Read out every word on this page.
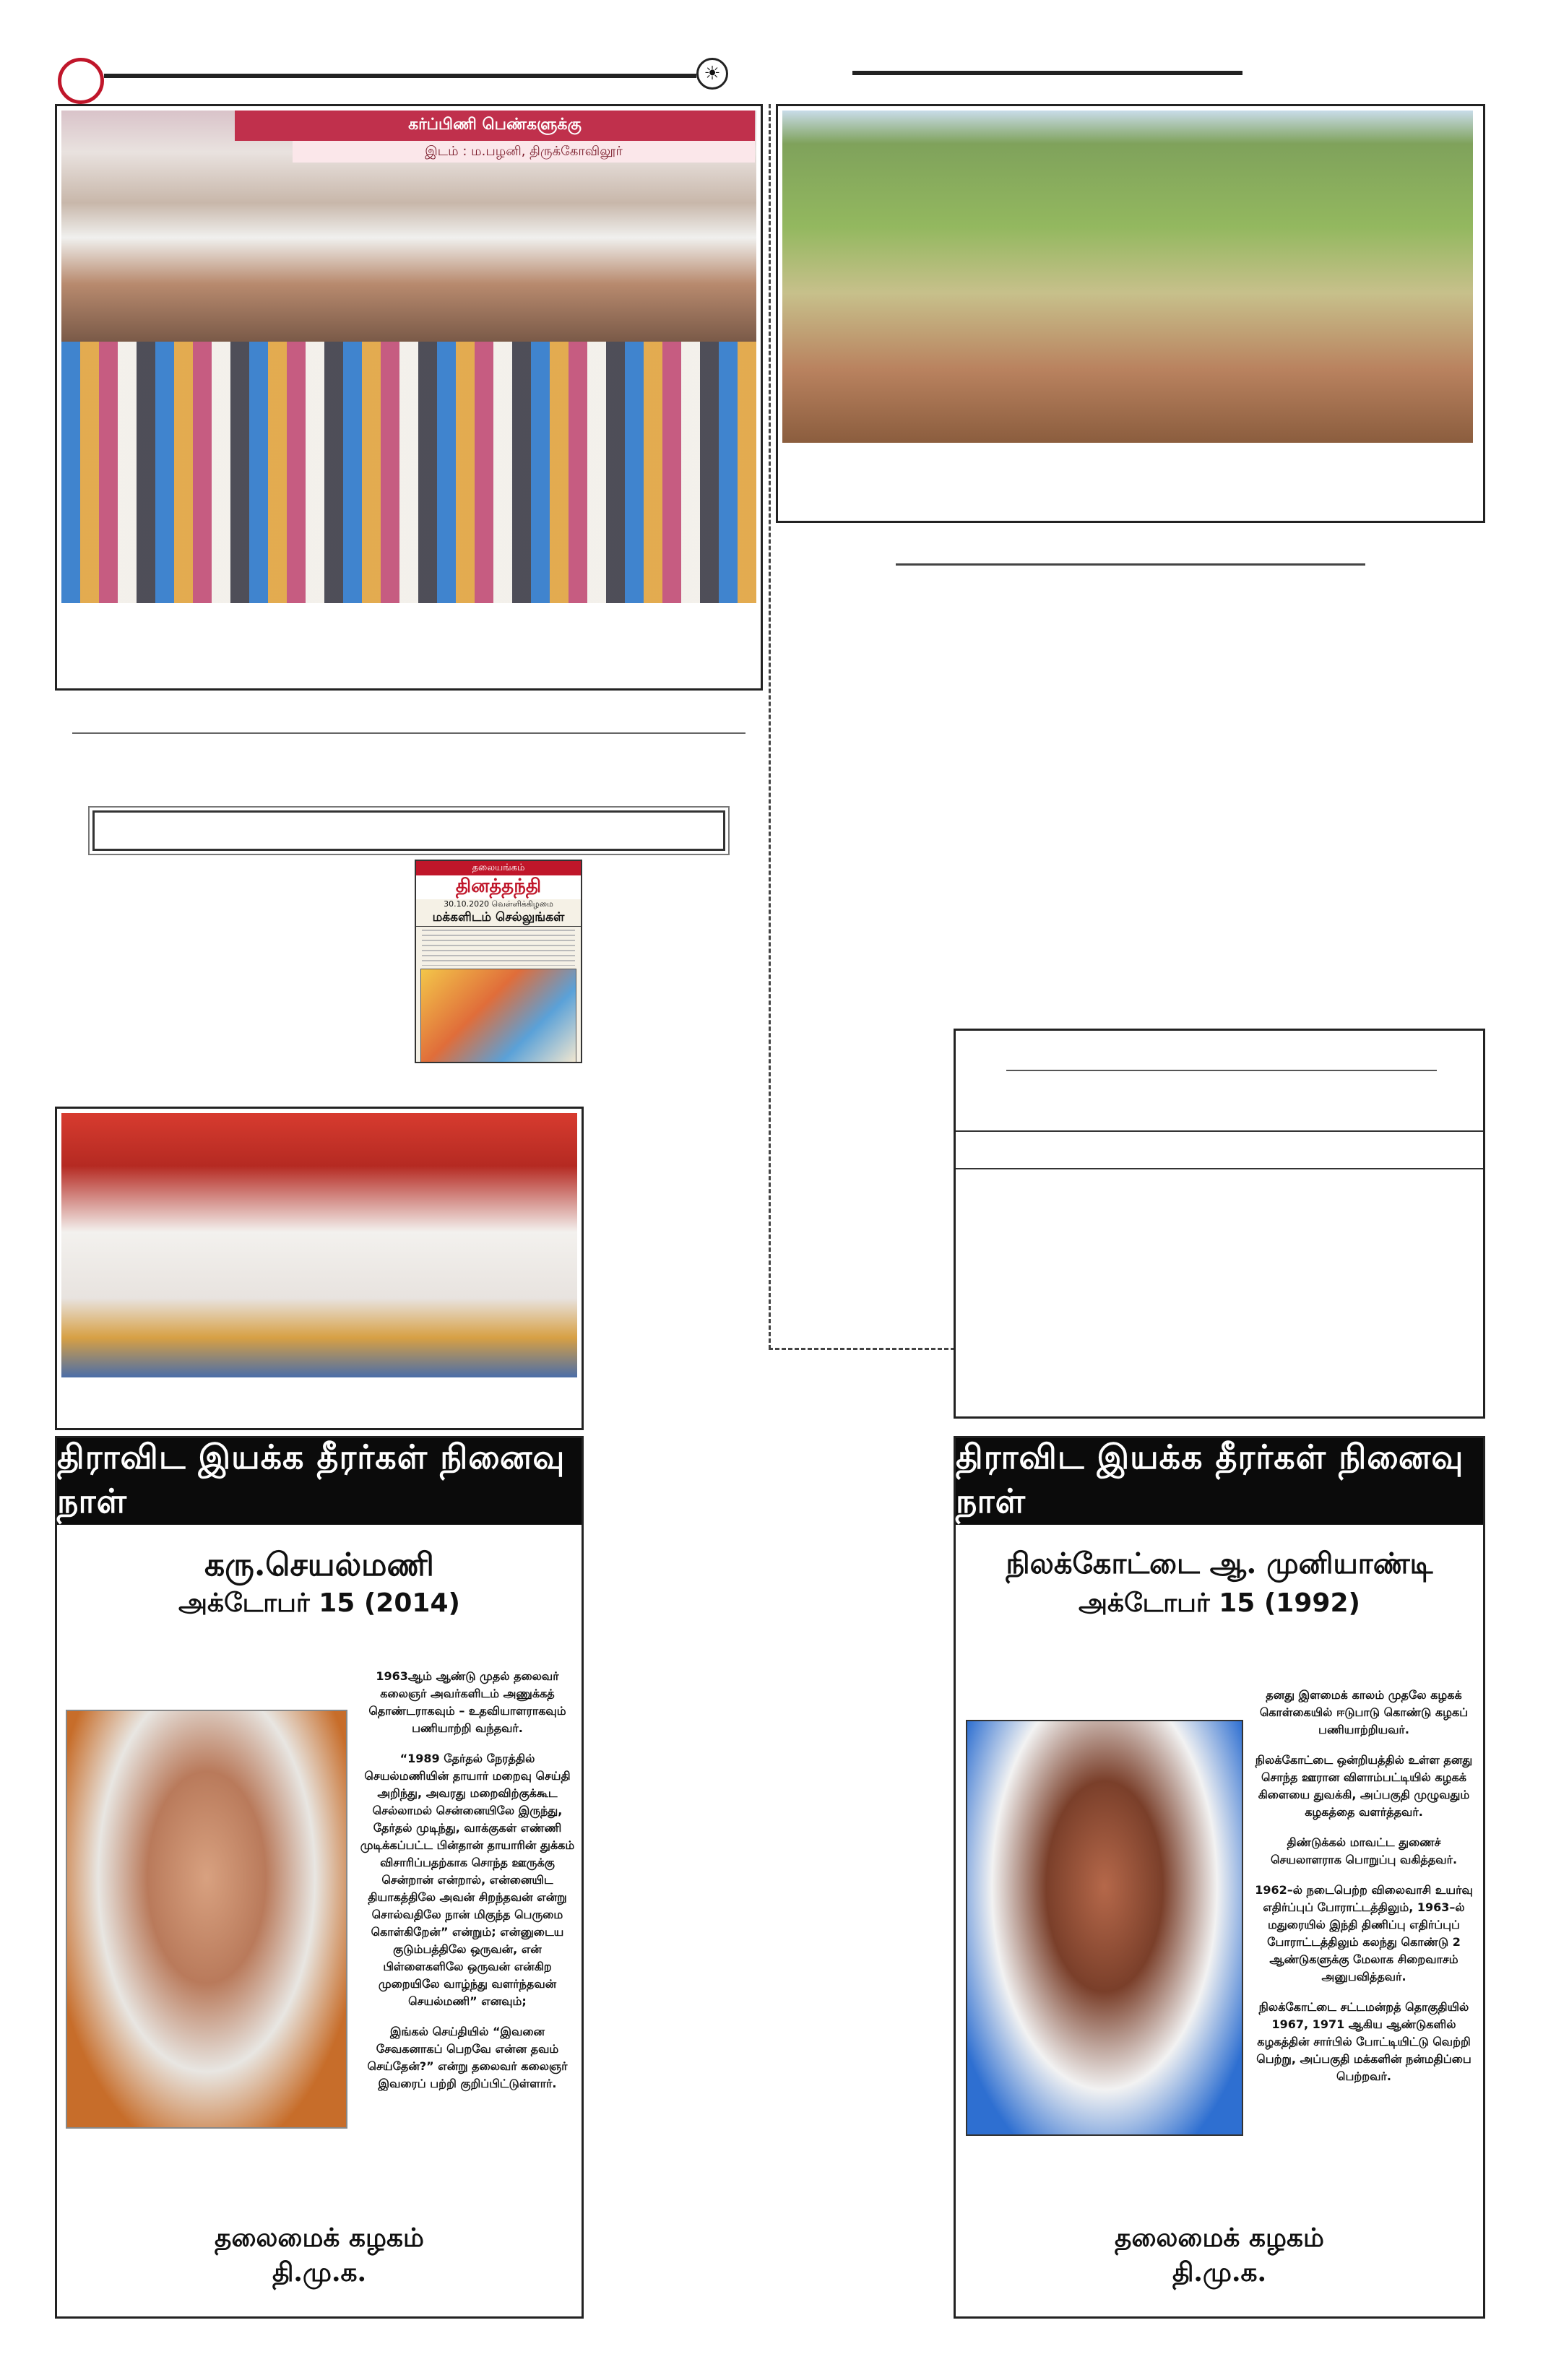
☀
கர்ப்பிணி பெண்களுக்கு
இடம் : ம.பழனி, திருக்கோவிலூர்
தலையங்கம்
தினத்தந்தி
30.10.2020 வெள்ளிக்கிழமை
மக்களிடம் செல்லுங்கள்
திராவிட இயக்க தீரர்கள் நினைவு நாள்
கரு.செயல்மணி
அக்டோபர் 15 (2014)

1963ஆம் ஆண்டு முதல் தலைவர் கலைஞர் அவர்களிடம் அணுக்கத் தொண்டராகவும் – உதவியாளராகவும் பணியாற்றி வந்தவர்.

“1989 தேர்தல் நேரத்தில் செயல்மணியின் தாயார் மறைவு செய்தி அறிந்து, அவரது மறைவிற்குக்கூட செல்லாமல் சென்னையிலே இருந்து, தேர்தல் முடிந்து, வாக்குகள் எண்ணி முடிக்கப்பட்ட பின்தான் தாயாரின் துக்கம் விசாரிப்பதற்காக சொந்த ஊருக்கு சென்றான் என்றால், என்னையிட தியாகத்திலே அவன் சிறந்தவன் என்று சொல்வதிலே நான் மிகுந்த பெருமை கொள்கிறேன்” என்றும்; என்னுடைய குடும்பத்திலே ஒருவன், என் பிள்ளைகளிலே ஒருவன் என்கிற முறையிலே வாழ்ந்து வளர்ந்தவன் செயல்மணி” எனவும்;

இங்கல் செய்தியில் “இவனை சேவகனாகப் பெறவே என்ன தவம் செய்தேன்?” என்று தலைவர் கலைஞர் இவரைப் பற்றி குறிப்பிட்டுள்ளார்.

தலைமைக் கழகம்
தி.மு.க.
திராவிட இயக்க தீரர்கள் நினைவு நாள்
நிலக்கோட்டை ஆ. முனியாண்டி
அக்டோபர் 15 (1992)

தனது இளமைக் காலம் முதலே கழகக் கொள்கையில் ஈடுபாடு கொண்டு கழகப் பணியாற்றியவர்.

நிலக்கோட்டை ஒன்றியத்தில் உள்ள தனது சொந்த ஊரான விளாம்பட்டியில் கழகக் கிளையை துவக்கி, அப்பகுதி முழுவதும் கழகத்தை வளர்த்தவர்.

திண்டுக்கல் மாவட்ட துணைச் செயலாளராக பொறுப்பு வகித்தவர்.

1962–ல் நடைபெற்ற விலைவாசி உயர்வு எதிர்ப்புப் போராட்டத்திலும், 1963–ல் மதுரையில் இந்தி திணிப்பு எதிர்ப்புப் போராட்டத்திலும் கலந்து கொண்டு 2 ஆண்டுகளுக்கு மேலாக சிறைவாசம் அனுபவித்தவர்.

நிலக்கோட்டை சட்டமன்றத் தொகுதியில் 1967, 1971 ஆகிய ஆண்டுகளில் கழகத்தின் சார்பில் போட்டியிட்டு வெற்றி பெற்று, அப்பகுதி மக்களின் நன்மதிப்பை பெற்றவர்.

தலைமைக் கழகம்
தி.மு.க.
